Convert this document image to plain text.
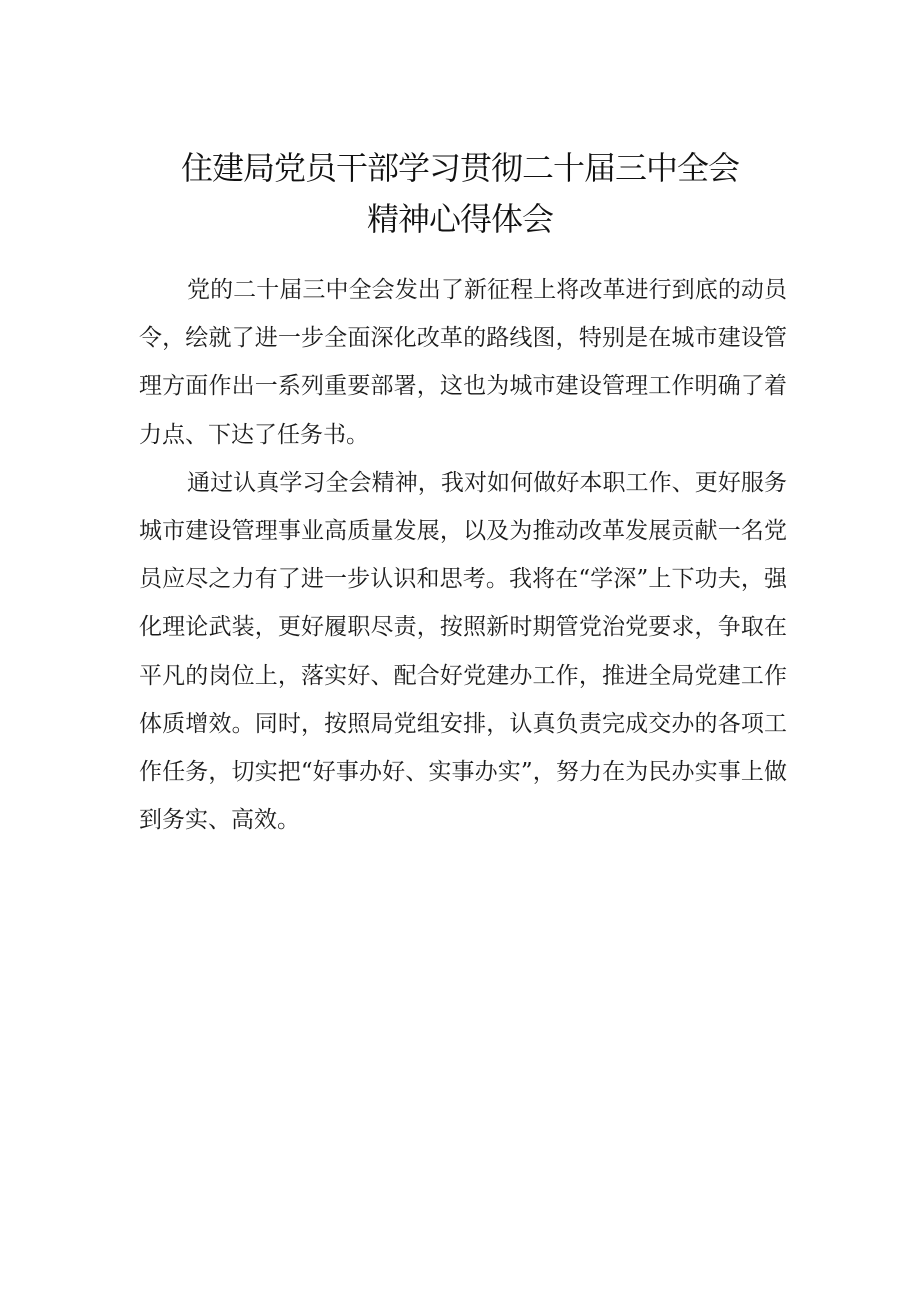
住建局党员干部学习贯彻二十届三中全会
精神心得体会

党的二十届三中全会发出了新征程上将改革进行到底的动员令，绘就了进一步全面深化改革的路线图，特别是在城市建设管理方面作出一系列重要部署，这也为城市建设管理工作明确了着力点、下达了任务书。

通过认真学习全会精神，我对如何做好本职工作、更好服务城市建设管理事业高质量发展，以及为推动改革发展贡献一名党员应尽之力有了进一步认识和思考。我将在“学深”上下功夫，强化理论武装，更好履职尽责，按照新时期管党治党要求，争取在平凡的岗位上，落实好、配合好党建办工作，推进全局党建工作体质增效。同时，按照局党组安排，认真负责完成交办的各项工作任务，切实把“好事办好、实事办实”，努力在为民办实事上做到务实、高效。
